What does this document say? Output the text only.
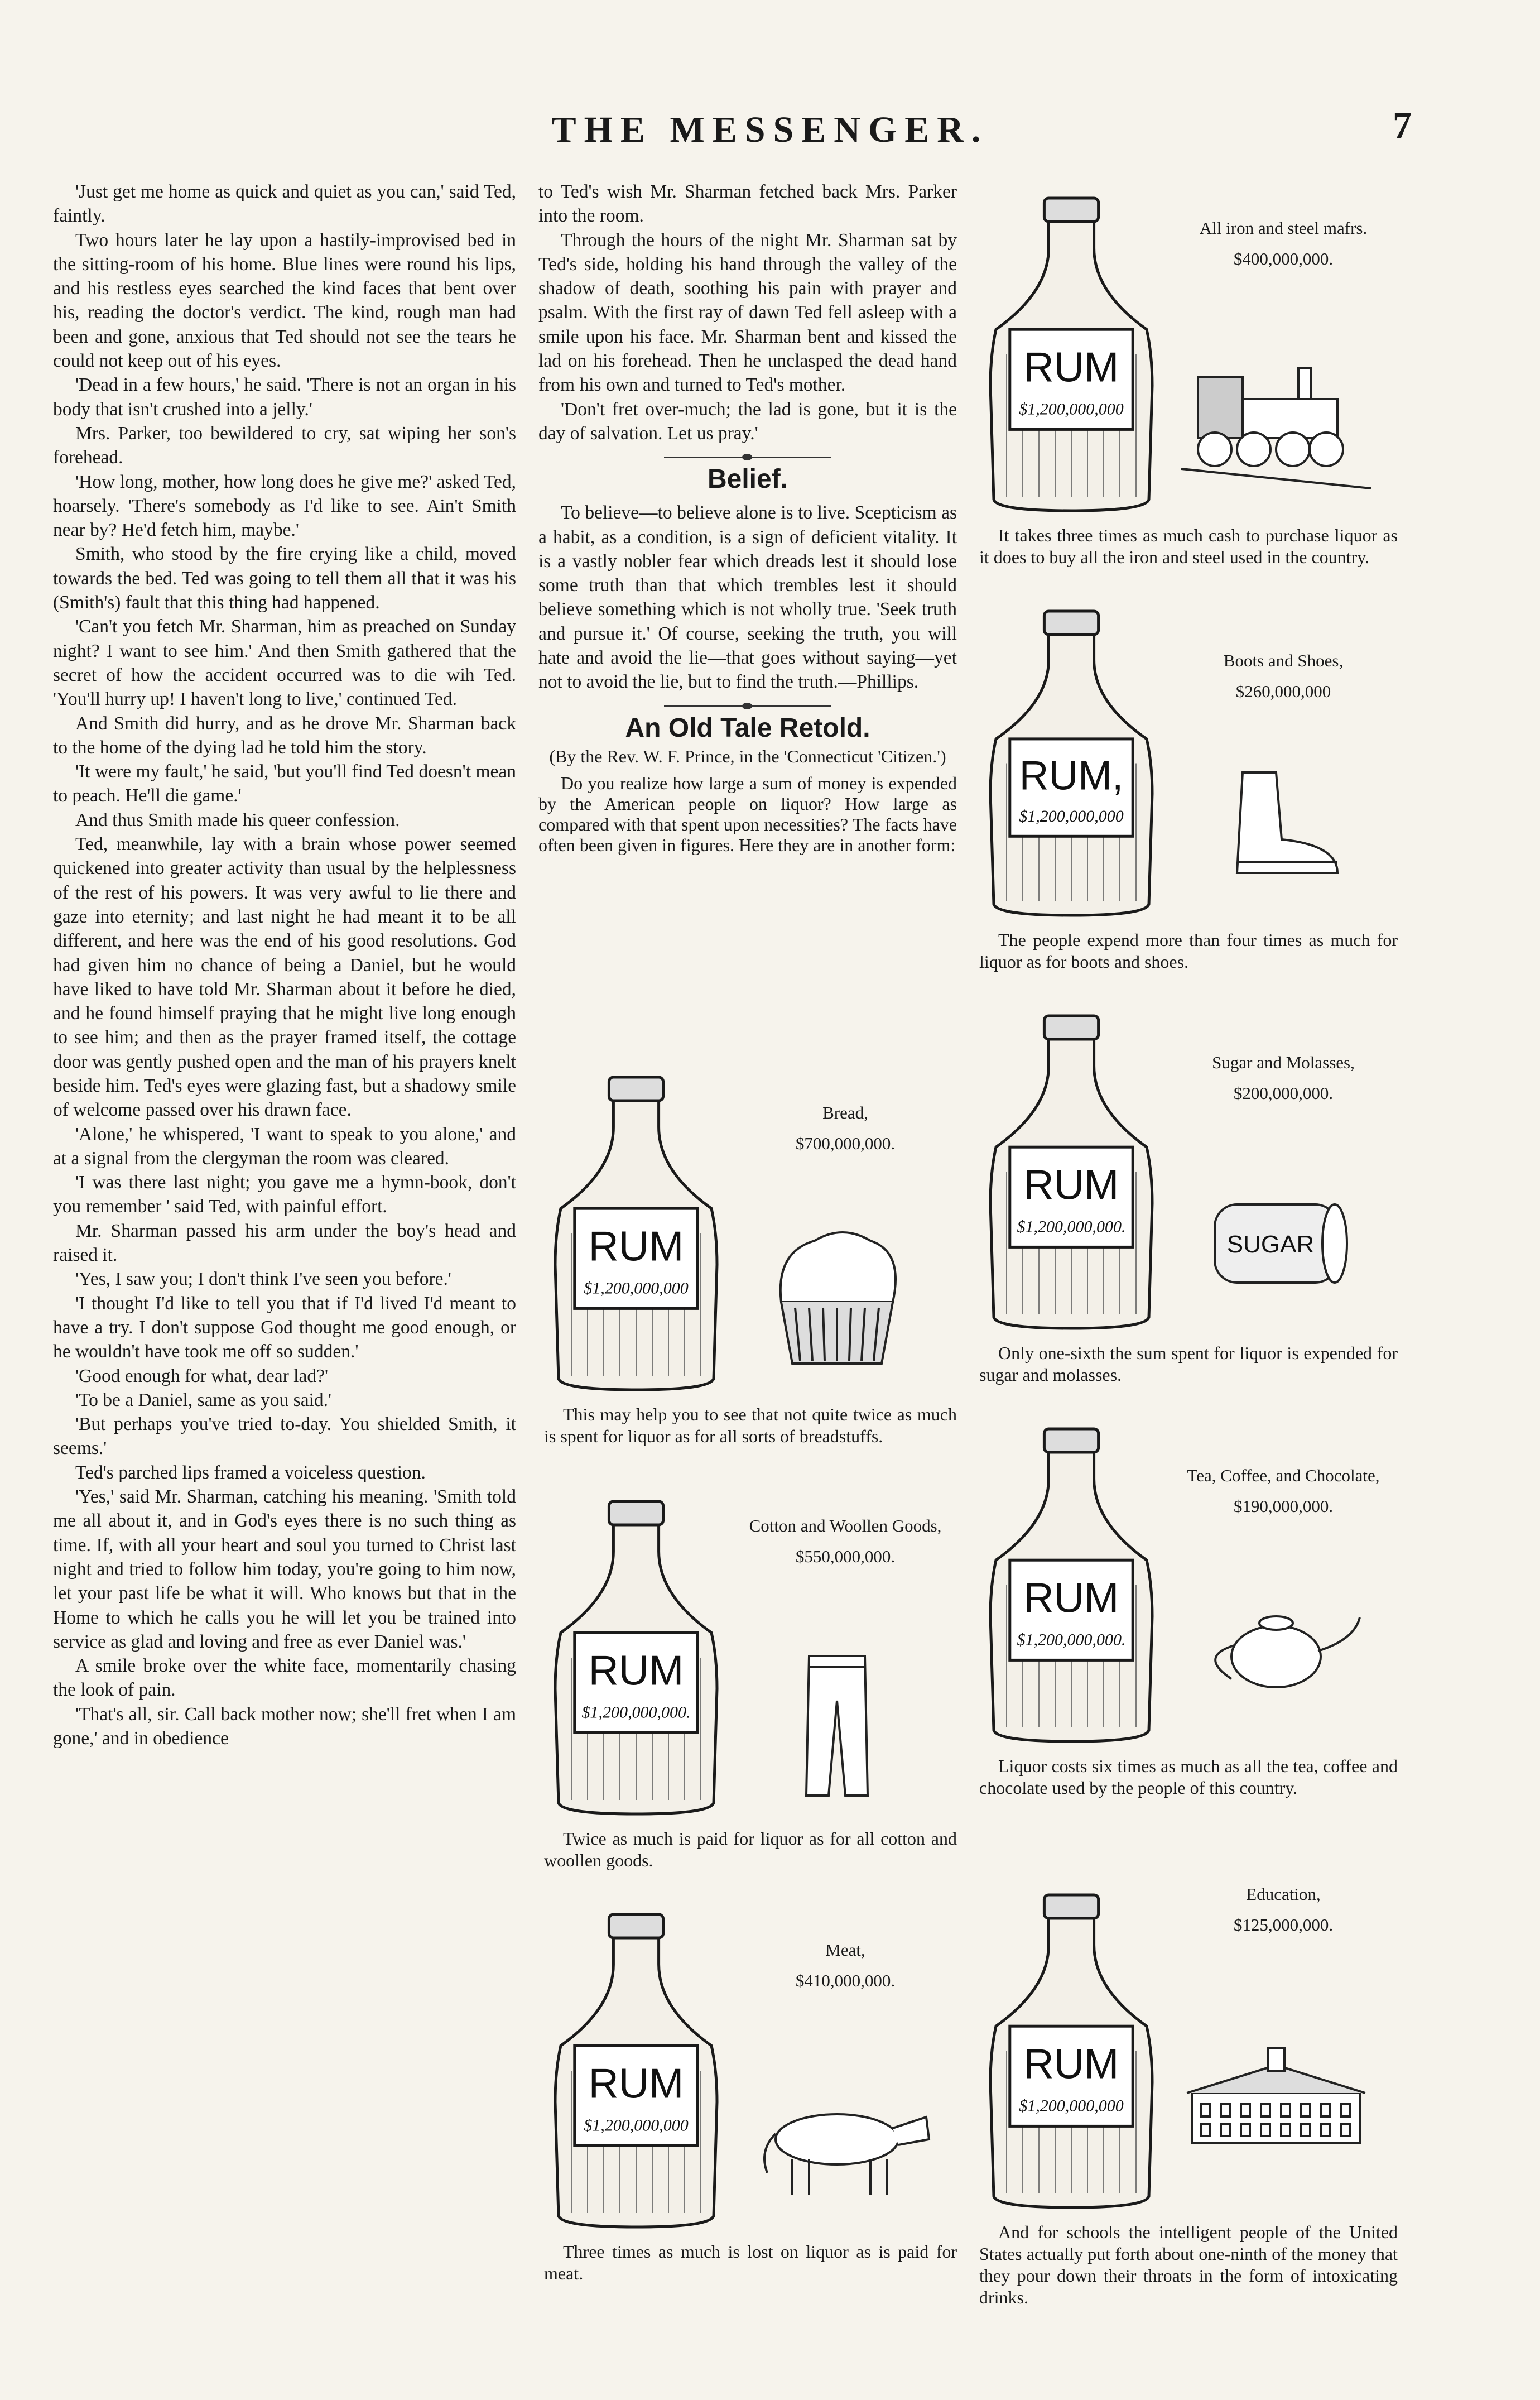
THE MESSENGER.	7

'Just get me home as quick and quiet as you can,' said Ted, faintly.

Two hours later he lay upon a hastily-improvised bed in the sitting-room of his home. Blue lines were round his lips, and his restless eyes searched the kind faces that bent over his, reading the doctor's verdict. The kind, rough man had been and gone, anxious that Ted should not see the tears he could not keep out of his eyes.

'Dead in a few hours,' he said. 'There is not an organ in his body that isn't crushed into a jelly.'

Mrs. Parker, too bewildered to cry, sat wiping her son's forehead.

'How long, mother, how long does he give me?' asked Ted, hoarsely. 'There's somebody as I'd like to see. Ain't Smith near by? He'd fetch him, maybe.'

Smith, who stood by the fire crying like a child, moved towards the bed. Ted was going to tell them all that it was his (Smith's) fault that this thing had happened.

'Can't you fetch Mr. Sharman, him as preached on Sunday night? I want to see him.' And then Smith gathered that the secret of how the accident occurred was to die wih Ted. 'You'll hurry up! I haven't long to live,' continued Ted.

And Smith did hurry, and as he drove Mr. Sharman back to the home of the dying lad he told him the story.

'It were my fault,' he said, 'but you'll find Ted doesn't mean to peach. He'll die game.'

And thus Smith made his queer confession.

Ted, meanwhile, lay with a brain whose power seemed quickened into greater activity than usual by the helplessness of the rest of his powers. It was very awful to lie there and gaze into eternity; and last night he had meant it to be all different, and here was the end of his good resolutions. God had given him no chance of being a Daniel, but he would have liked to have told Mr. Sharman about it before he died, and he found himself praying that he might live long enough to see him; and then as the prayer framed itself, the cottage door was gently pushed open and the man of his prayers knelt beside him. Ted's eyes were glazing fast, but a shadowy smile of welcome passed over his drawn face.

'Alone,' he whispered, 'I want to speak to you alone,' and at a signal from the clergyman the room was cleared.

'I was there last night; you gave me a hymn-book, don't you remember ' said Ted, with painful effort.

Mr. Sharman passed his arm under the boy's head and raised it.

'Yes, I saw you; I don't think I've seen you before.'

'I thought I'd like to tell you that if I'd lived I'd meant to have a try. I don't suppose God thought me good enough, or he wouldn't have took me off so sudden.'

'Good enough for what, dear lad?'

'To be a Daniel, same as you said.'

'But perhaps you've tried to-day. You shielded Smith, it seems.'

Ted's parched lips framed a voiceless question.

'Yes,' said Mr. Sharman, catching his meaning. 'Smith told me all about it, and in God's eyes there is no such thing as time. If, with all your heart and soul you turned to Christ last night and tried to follow him today, you're going to him now, let your past life be what it will. Who knows but that in the Home to which he calls you he will let you be trained into service as glad and loving and free as ever Daniel was.'

A smile broke over the white face, momentarily chasing the look of pain.

'That's all, sir. Call back mother now; she'll fret when I am gone,' and in obedience

to Ted's wish Mr. Sharman fetched back Mrs. Parker into the room.

Through the hours of the night Mr. Sharman sat by Ted's side, holding his hand through the valley of the shadow of death, soothing his pain with prayer and psalm. With the first ray of dawn Ted fell asleep with a smile upon his face. Mr. Sharman bent and kissed the lad on his forehead. Then he unclasped the dead hand from his own and turned to Ted's mother.

'Don't fret over-much; the lad is gone, but it is the day of salvation. Let us pray.'

Belief.

To believe—to believe alone is to live. Scepticism as a habit, as a condition, is a sign of deficient vitality. It is a vastly nobler fear which dreads lest it should lose some truth than that which trembles lest it should believe something which is not wholly true. 'Seek truth and pursue it.' Of course, seeking the truth, you will hate and avoid the lie—that goes without saying—yet not to avoid the lie, but to find the truth.—Phillips.

An Old Tale Retold.
(By the Rev. W. F. Prince, in the 'Connecticut 'Citizen.')

Do you realize how large a sum of money is expended by the American people on liquor? How large as compared with that spent upon necessities? The facts have often been given in figures. Here they are in another form:

RUM
$1,200,000,000
Bread,
$700,000,000.
This may help you to see that not quite twice as much is spent for liquor as for all sorts of breadstuffs.
RUM
$1,200,000,000.
Cotton and Woollen Goods,
$550,000,000.
Twice as much is paid for liquor as for all cotton and woollen goods.
RUM
$1,200,000,000
Meat,
$410,000,000.
Three times as much is lost on liquor as is paid for meat.
RUM
$1,200,000,000
All iron and steel mafrs.
$400,000,000.
It takes three times as much cash to purchase liquor as it does to buy all the iron and steel used in the country.
RUM,
$1,200,000,000
Boots and Shoes,
$260,000,000
The people expend more than four times as much for liquor as for boots and shoes.
RUM
$1,200,000,000.
SUGAR
Sugar and Molasses,
$200,000,000.
Only one-sixth the sum spent for liquor is expended for sugar and molasses.
RUM
$1,200,000,000.
Tea, Coffee, and Chocolate,
$190,000,000.
Liquor costs six times as much as all the tea, coffee and chocolate used by the people of this country.
RUM
$1,200,000,000
Education,
$125,000,000.
And for schools the intelligent people of the United States actually put forth about one-ninth of the money that they pour down their throats in the form of intoxicating drinks.
